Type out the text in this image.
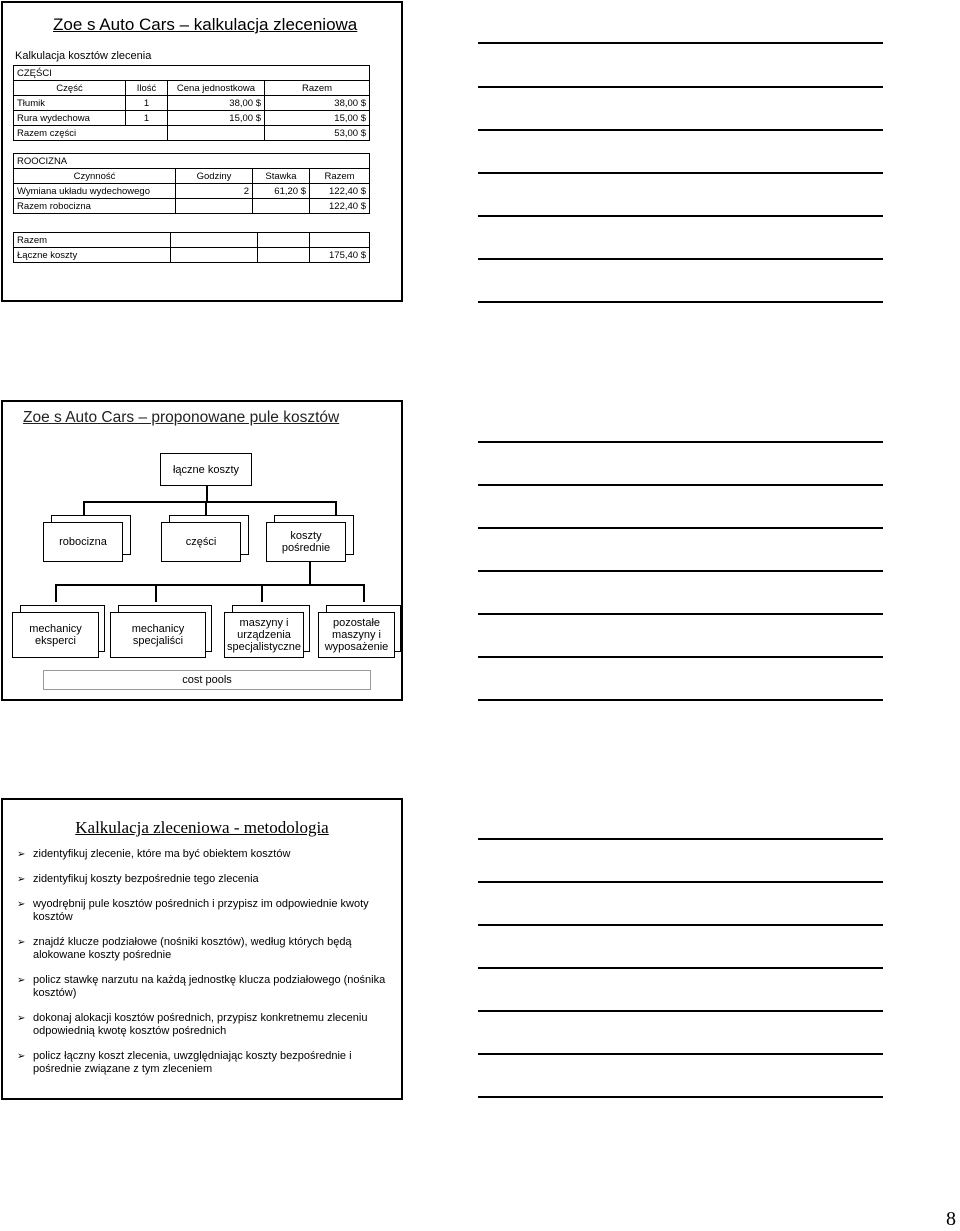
Zoe s Auto Cars – kalkulacja zleceniowa
Kalkulacja kosztów zlecenia
CZĘŚCI			
Część	Ilość	Cena jednostkowa	Razem
Tłumik	1	38,00 $	38,00 $
Rura wydechowa	1	15,00 $	15,00 $
Razem części			53,00 $
ROOCIZNA			
Czynność	Godziny	Stawka	Razem
Wymiana układu wydechowego	2	61,20 $	122,40 $
Razem robocizna			122,40 $
Razem			
Łączne koszty			175,40 $
Zoe s Auto Cars – proponowane pule kosztów
łączne koszty
robocizna	części	koszty pośrednie
mechanicy eksperci
mechanicy specjaliści
maszyny i urządzenia specjalistyczne
pozostałe maszyny i wyposażenie
cost pools
Kalkulacja zleceniowa - metodologia
➢ zidentyfikuj zlecenie, które ma być obiektem kosztów
➢ zidentyfikuj koszty bezpośrednie tego zlecenia
➢ wyodrębnij pule kosztów pośrednich i przypisz im odpowiednie kwoty kosztów
➢ znajdź klucze podziałowe (nośniki kosztów), według których będą alokowane koszty pośrednie
➢ policz stawkę narzutu na każdą jednostkę klucza podziałowego (nośnika kosztów)
➢ dokonaj alokacji kosztów pośrednich, przypisz konkretnemu zleceniu odpowiednią kwotę kosztów pośrednich
➢ policz łączny koszt zlecenia, uwzględniając koszty bezpośrednie i pośrednie związane z tym zleceniem
8
